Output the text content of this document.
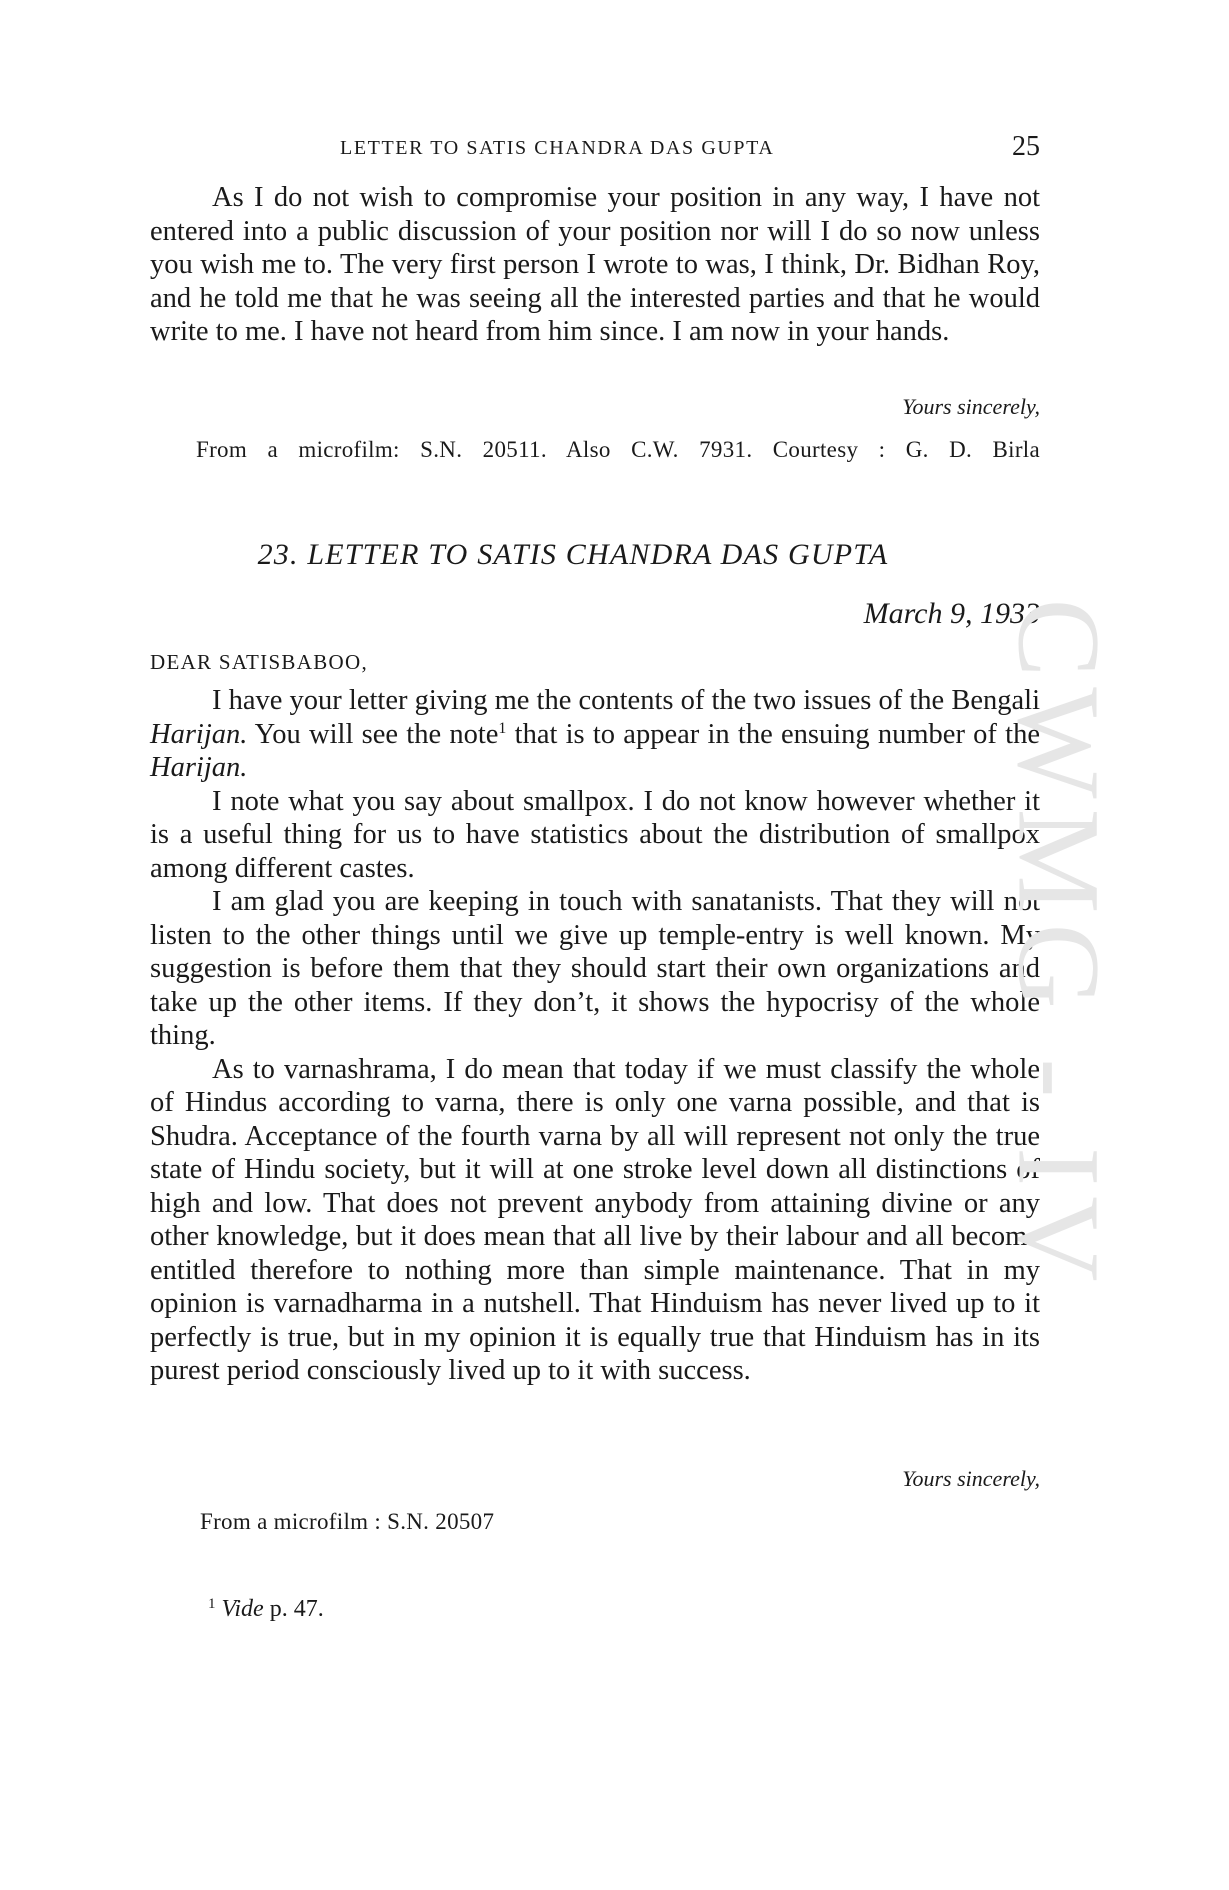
LETTER TO SATIS CHANDRA DAS GUPTA	25

As I do not wish to compromise your position in any way, I have not entered into a public discussion of your position nor will I do so now unless you wish me to. The very first person I wrote to was, I think, Dr. Bidhan Roy, and he told me that he was seeing all the interested parties and that he would write to me. I have not heard from him since. I am now in your hands.

Yours sincerely,
From a microfilm: S.N. 20511. Also C.W. 7931. Courtesy : G. D. Birla
23. LETTER TO SATIS CHANDRA DAS GUPTA
March 9, 1933
DEAR SATISBABOO,

I have your letter giving me the contents of the two issues of the Bengali Harijan. You will see the note$^1$ that is to appear in the ensuing number of the Harijan.

I note what you say about smallpox. I do not know however whether it is a useful thing for us to have statistics about the distribution of smallpox among different castes.

I am glad you are keeping in touch with sanatanists. That they will not listen to the other things until we give up temple-entry is well known. My suggestion is before them that they should start their own organizations and take up the other items. If they don’t, it shows the hypocrisy of the whole thing.

As to varnashrama, I do mean that today if we must classify the whole of Hindus according to varna, there is only one varna possible, and that is Shudra. Acceptance of the fourth varna by all will represent not only the true state of Hindu society, but it will at one stroke level down all distinctions of high and low. That does not prevent anybody from attaining divine or any other knowledge, but it does mean that all live by their labour and all become entitled therefore to nothing more than simple maintenance. That in my opinion is varnadharma in a nutshell. That Hinduism has never lived up to it perfectly is true, but in my opinion it is equally true that Hinduism has in its purest period consciously lived up to it with success.

Yours sincerely,
From a microfilm : S.N. 20507
$^1$ Vide p. 47.
CWMG - IV
